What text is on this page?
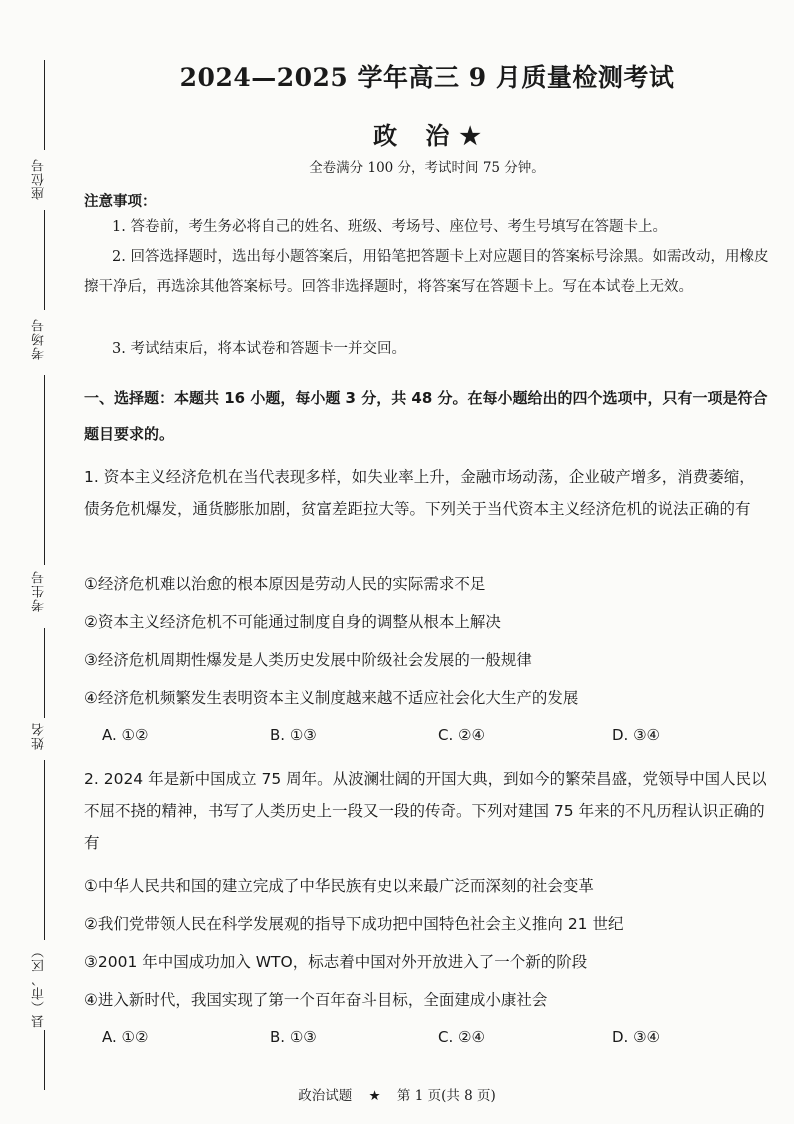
座位号
考场号
考生号
姓名
县（市、区）
2024—2025 学年高三 9 月质量检测考试
政 治★
全卷满分 100 分，考试时间 75 分钟。
注意事项：

1. 答卷前，考生务必将自己的姓名、班级、考场号、座位号、考生号填写在答题卡上。

2. 回答选择题时，选出每小题答案后，用铅笔把答题卡上对应题目的答案标号涂黑。如需改动，用橡皮擦干净后，再选涂其他答案标号。回答非选择题时，将答案写在答题卡上。写在本试卷上无效。

3. 考试结束后，将本试卷和答题卡一并交回。

一、选择题：本题共 16 小题，每小题 3 分，共 48 分。在每小题给出的四个选项中，只有一项是符合题目要求的。

1. 资本主义经济危机在当代表现多样，如失业率上升，金融市场动荡，企业破产增多，消费萎缩，债务危机爆发，通货膨胀加剧，贫富差距拉大等。下列关于当代资本主义经济危机的说法正确的有

①经济危机难以治愈的根本原因是劳动人民的实际需求不足
②资本主义经济危机不可能通过制度自身的调整从根本上解决
③经济危机周期性爆发是人类历史发展中阶级社会发展的一般规律
④经济危机频繁发生表明资本主义制度越来越不适应社会化大生产的发展
A. ①②	B. ①③	C. ②④	D. ③④

2. 2024 年是新中国成立 75 周年。从波澜壮阔的开国大典，到如今的繁荣昌盛，党领导中国人民以不屈不挠的精神，书写了人类历史上一段又一段的传奇。下列对建国 75 年来的不凡历程认识正确的有

①中华人民共和国的建立完成了中华民族有史以来最广泛而深刻的社会变革
②我们党带领人民在科学发展观的指导下成功把中国特色社会主义推向 21 世纪
③2001 年中国成功加入 WTO，标志着中国对外开放进入了一个新的阶段
④进入新时代，我国实现了第一个百年奋斗目标，全面建成小康社会
A. ①②	B. ①③	C. ②④	D. ③④
政治试题 ★ 第 1 页(共 8 页)
